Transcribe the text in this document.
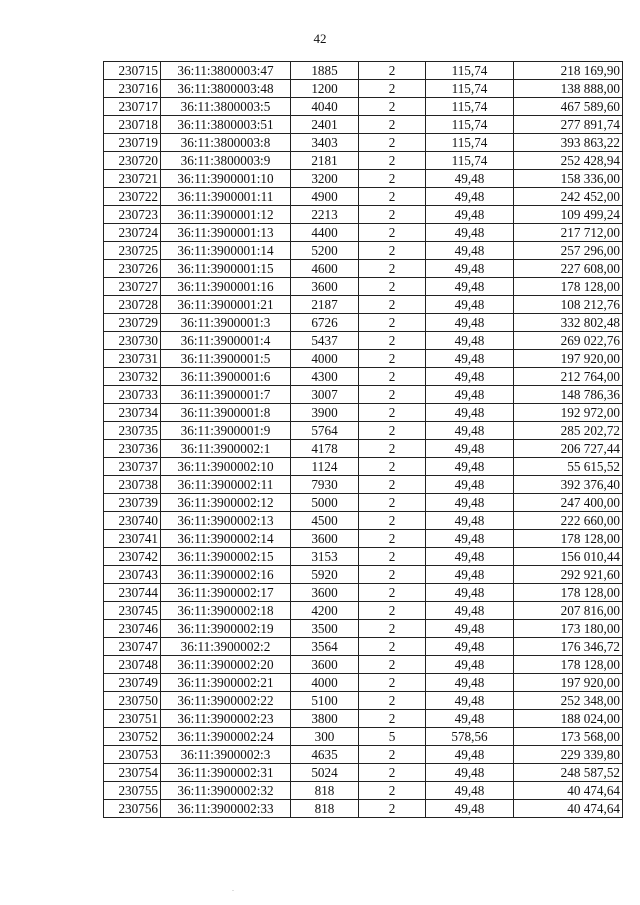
42
230715	36:11:3800003:47	1885	2	115,74	218 169,90
230716	36:11:3800003:48	1200	2	115,74	138 888,00
230717	36:11:3800003:5	4040	2	115,74	467 589,60
230718	36:11:3800003:51	2401	2	115,74	277 891,74
230719	36:11:3800003:8	3403	2	115,74	393 863,22
230720	36:11:3800003:9	2181	2	115,74	252 428,94
230721	36:11:3900001:10	3200	2	49,48	158 336,00
230722	36:11:3900001:11	4900	2	49,48	242 452,00
230723	36:11:3900001:12	2213	2	49,48	109 499,24
230724	36:11:3900001:13	4400	2	49,48	217 712,00
230725	36:11:3900001:14	5200	2	49,48	257 296,00
230726	36:11:3900001:15	4600	2	49,48	227 608,00
230727	36:11:3900001:16	3600	2	49,48	178 128,00
230728	36:11:3900001:21	2187	2	49,48	108 212,76
230729	36:11:3900001:3	6726	2	49,48	332 802,48
230730	36:11:3900001:4	5437	2	49,48	269 022,76
230731	36:11:3900001:5	4000	2	49,48	197 920,00
230732	36:11:3900001:6	4300	2	49,48	212 764,00
230733	36:11:3900001:7	3007	2	49,48	148 786,36
230734	36:11:3900001:8	3900	2	49,48	192 972,00
230735	36:11:3900001:9	5764	2	49,48	285 202,72
230736	36:11:3900002:1	4178	2	49,48	206 727,44
230737	36:11:3900002:10	1124	2	49,48	55 615,52
230738	36:11:3900002:11	7930	2	49,48	392 376,40
230739	36:11:3900002:12	5000	2	49,48	247 400,00
230740	36:11:3900002:13	4500	2	49,48	222 660,00
230741	36:11:3900002:14	3600	2	49,48	178 128,00
230742	36:11:3900002:15	3153	2	49,48	156 010,44
230743	36:11:3900002:16	5920	2	49,48	292 921,60
230744	36:11:3900002:17	3600	2	49,48	178 128,00
230745	36:11:3900002:18	4200	2	49,48	207 816,00
230746	36:11:3900002:19	3500	2	49,48	173 180,00
230747	36:11:3900002:2	3564	2	49,48	176 346,72
230748	36:11:3900002:20	3600	2	49,48	178 128,00
230749	36:11:3900002:21	4000	2	49,48	197 920,00
230750	36:11:3900002:22	5100	2	49,48	252 348,00
230751	36:11:3900002:23	3800	2	49,48	188 024,00
230752	36:11:3900002:24	300	5	578,56	173 568,00
230753	36:11:3900002:3	4635	2	49,48	229 339,80
230754	36:11:3900002:31	5024	2	49,48	248 587,52
230755	36:11:3900002:32	818	2	49,48	40 474,64
230756	36:11:3900002:33	818	2	49,48	40 474,64
.
